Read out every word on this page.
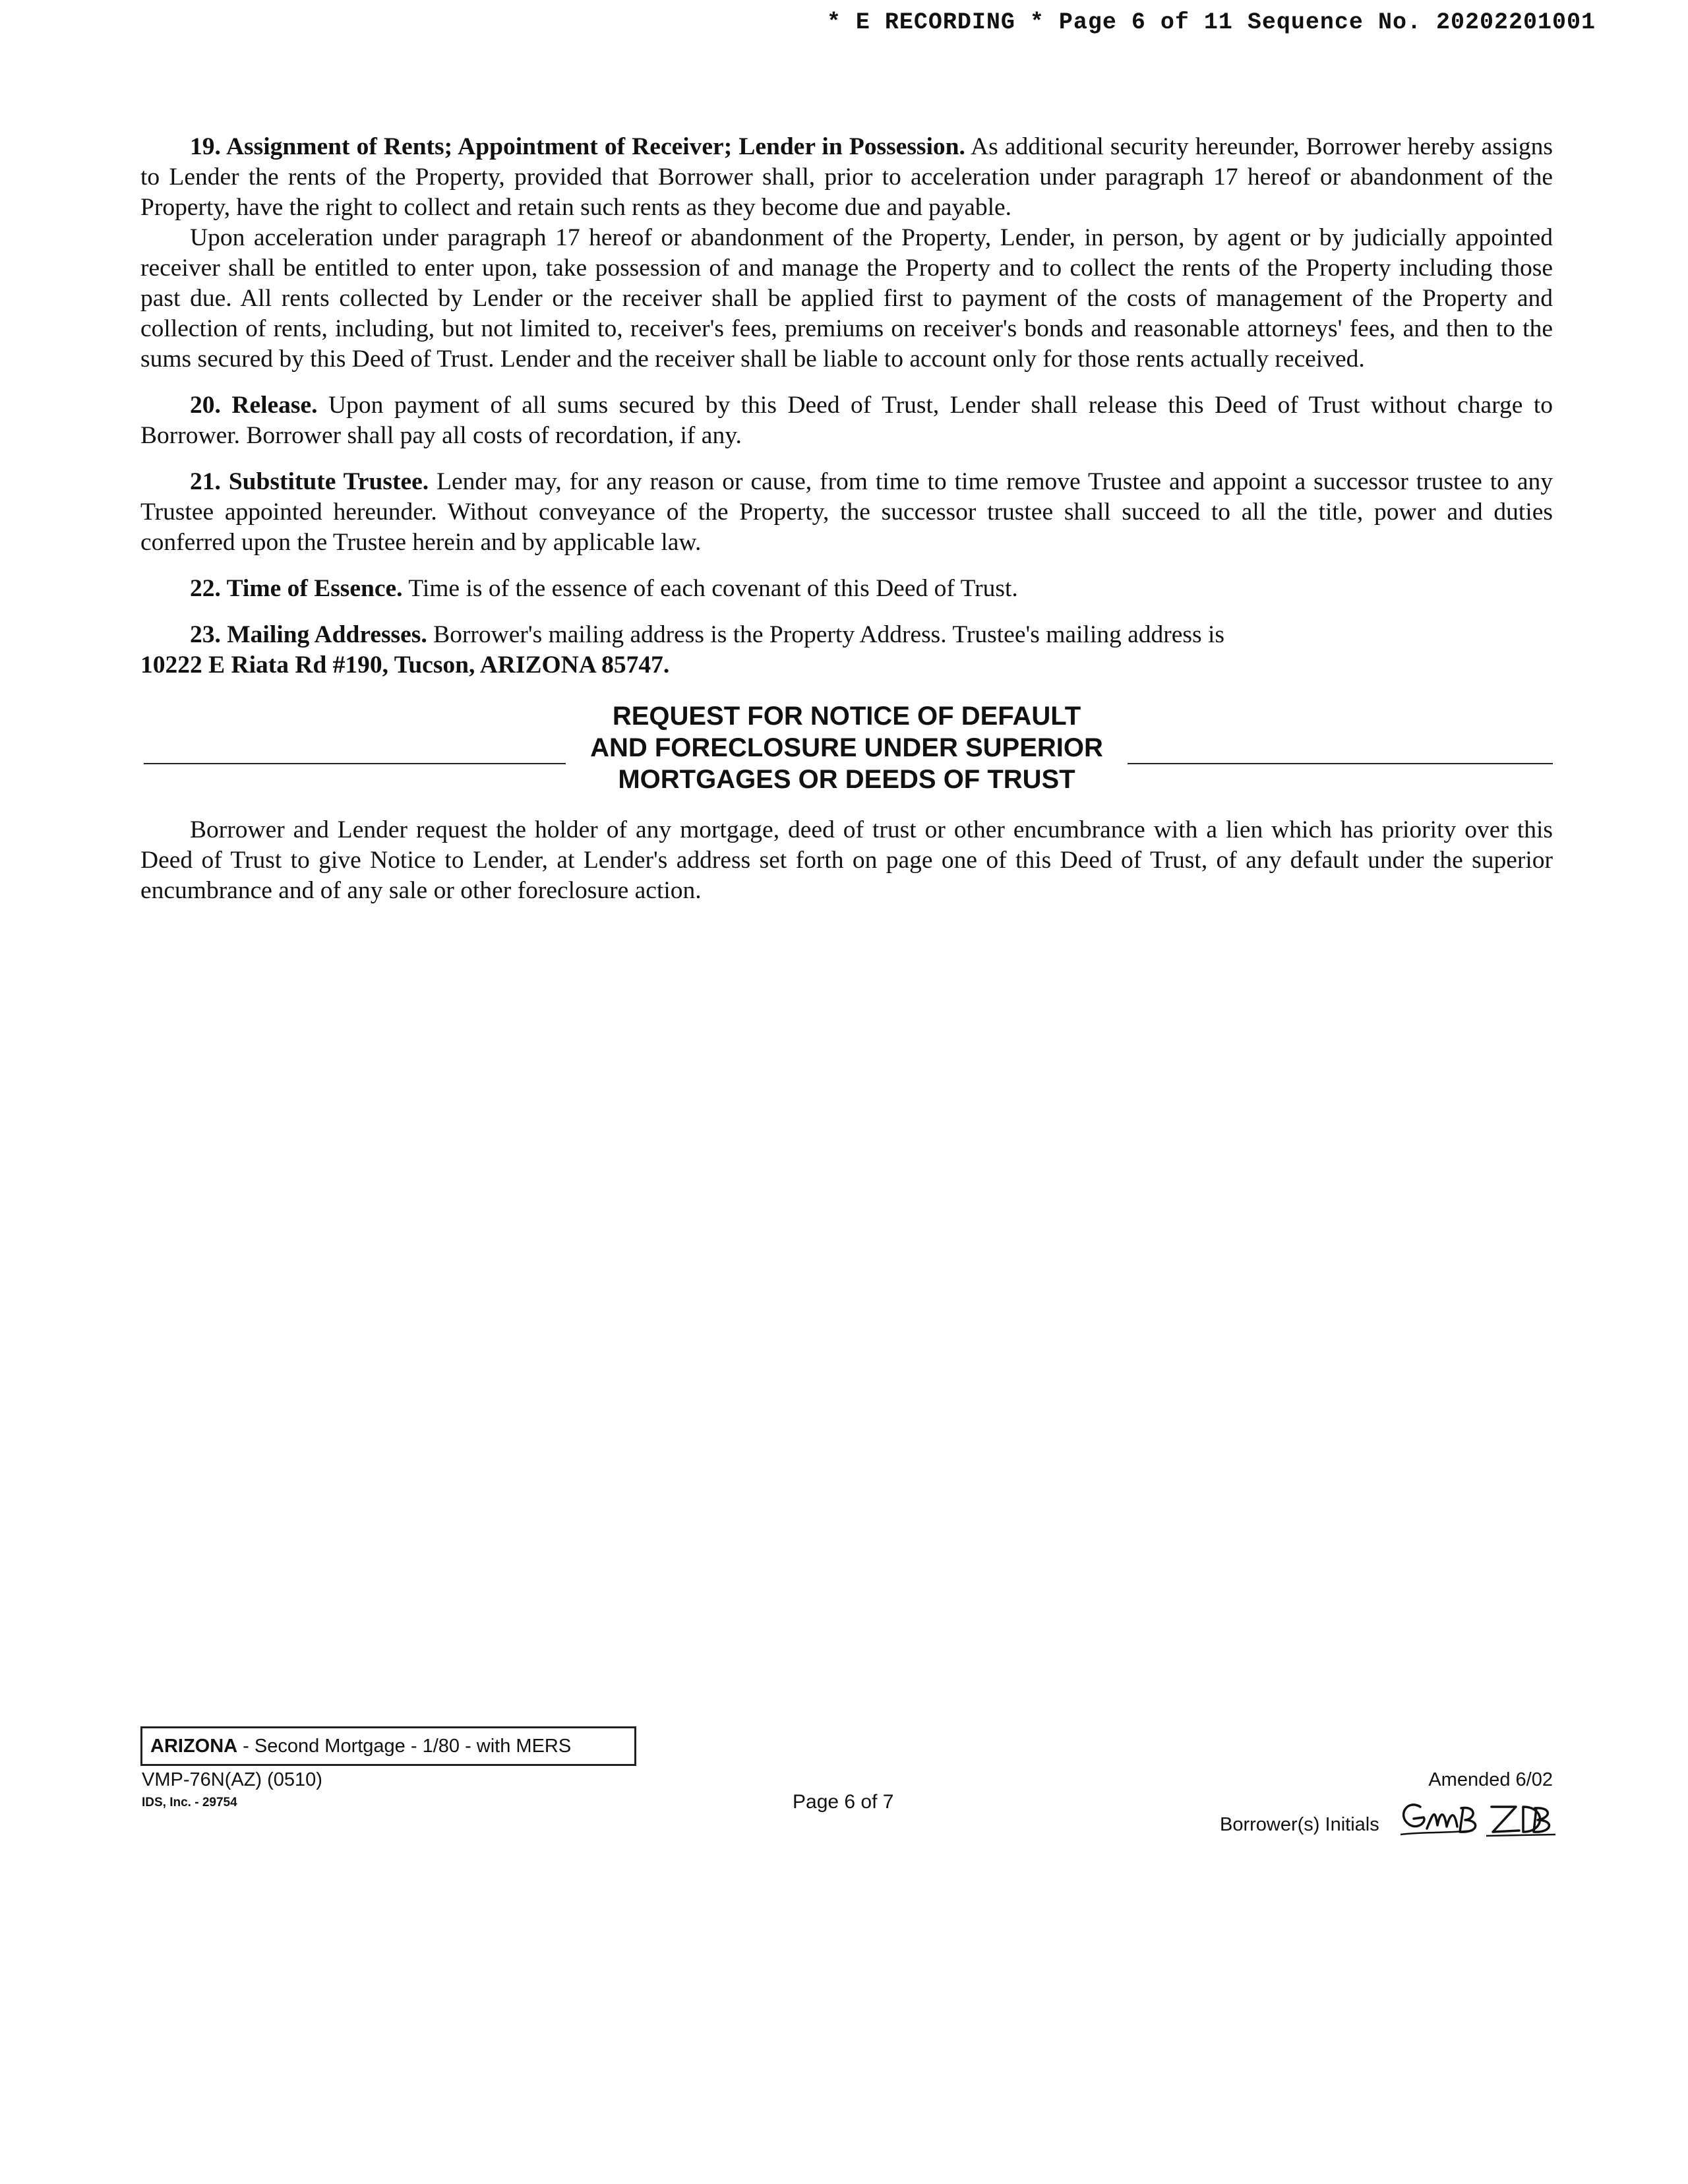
* E RECORDING * Page 6 of 11 Sequence No. 20202201001

19. Assignment of Rents; Appointment of Receiver; Lender in Possession. As additional security hereunder, Borrower hereby assigns to Lender the rents of the Property, provided that Borrower shall, prior to acceleration under paragraph 17 hereof or abandonment of the Property, have the right to collect and retain such rents as they become due and payable.

Upon acceleration under paragraph 17 hereof or abandonment of the Property, Lender, in person, by agent or by judicially appointed receiver shall be entitled to enter upon, take possession of and manage the Property and to collect the rents of the Property including those past due. All rents collected by Lender or the receiver shall be applied first to payment of the costs of management of the Property and collection of rents, including, but not limited to, receiver's fees, premiums on receiver's bonds and reasonable attorneys' fees, and then to the sums secured by this Deed of Trust. Lender and the receiver shall be liable to account only for those rents actually received.

20. Release. Upon payment of all sums secured by this Deed of Trust, Lender shall release this Deed of Trust without charge to Borrower. Borrower shall pay all costs of recordation, if any.

21. Substitute Trustee. Lender may, for any reason or cause, from time to time remove Trustee and appoint a successor trustee to any Trustee appointed hereunder. Without conveyance of the Property, the successor trustee shall succeed to all the title, power and duties conferred upon the Trustee herein and by applicable law.

22. Time of Essence. Time is of the essence of each covenant of this Deed of Trust.

23. Mailing Addresses. Borrower's mailing address is the Property Address. Trustee's mailing address is

10222 E Riata Rd #190, Tucson, ARIZONA 85747.

REQUEST FOR NOTICE OF DEFAULT
AND FORECLOSURE UNDER SUPERIOR
MORTGAGES OR DEEDS OF TRUST

Borrower and Lender request the holder of any mortgage, deed of trust or other encumbrance with a lien which has priority over this Deed of Trust to give Notice to Lender, at Lender's address set forth on page one of this Deed of Trust, of any default under the superior encumbrance and of any sale or other foreclosure action.

ARIZONA - Second Mortgage - 1/80 - with MERS
VMP-76N(AZ) (0510)
IDS, Inc. - 29754	Page 6 of 7
Amended 6/02
Borrower(s) Initials
